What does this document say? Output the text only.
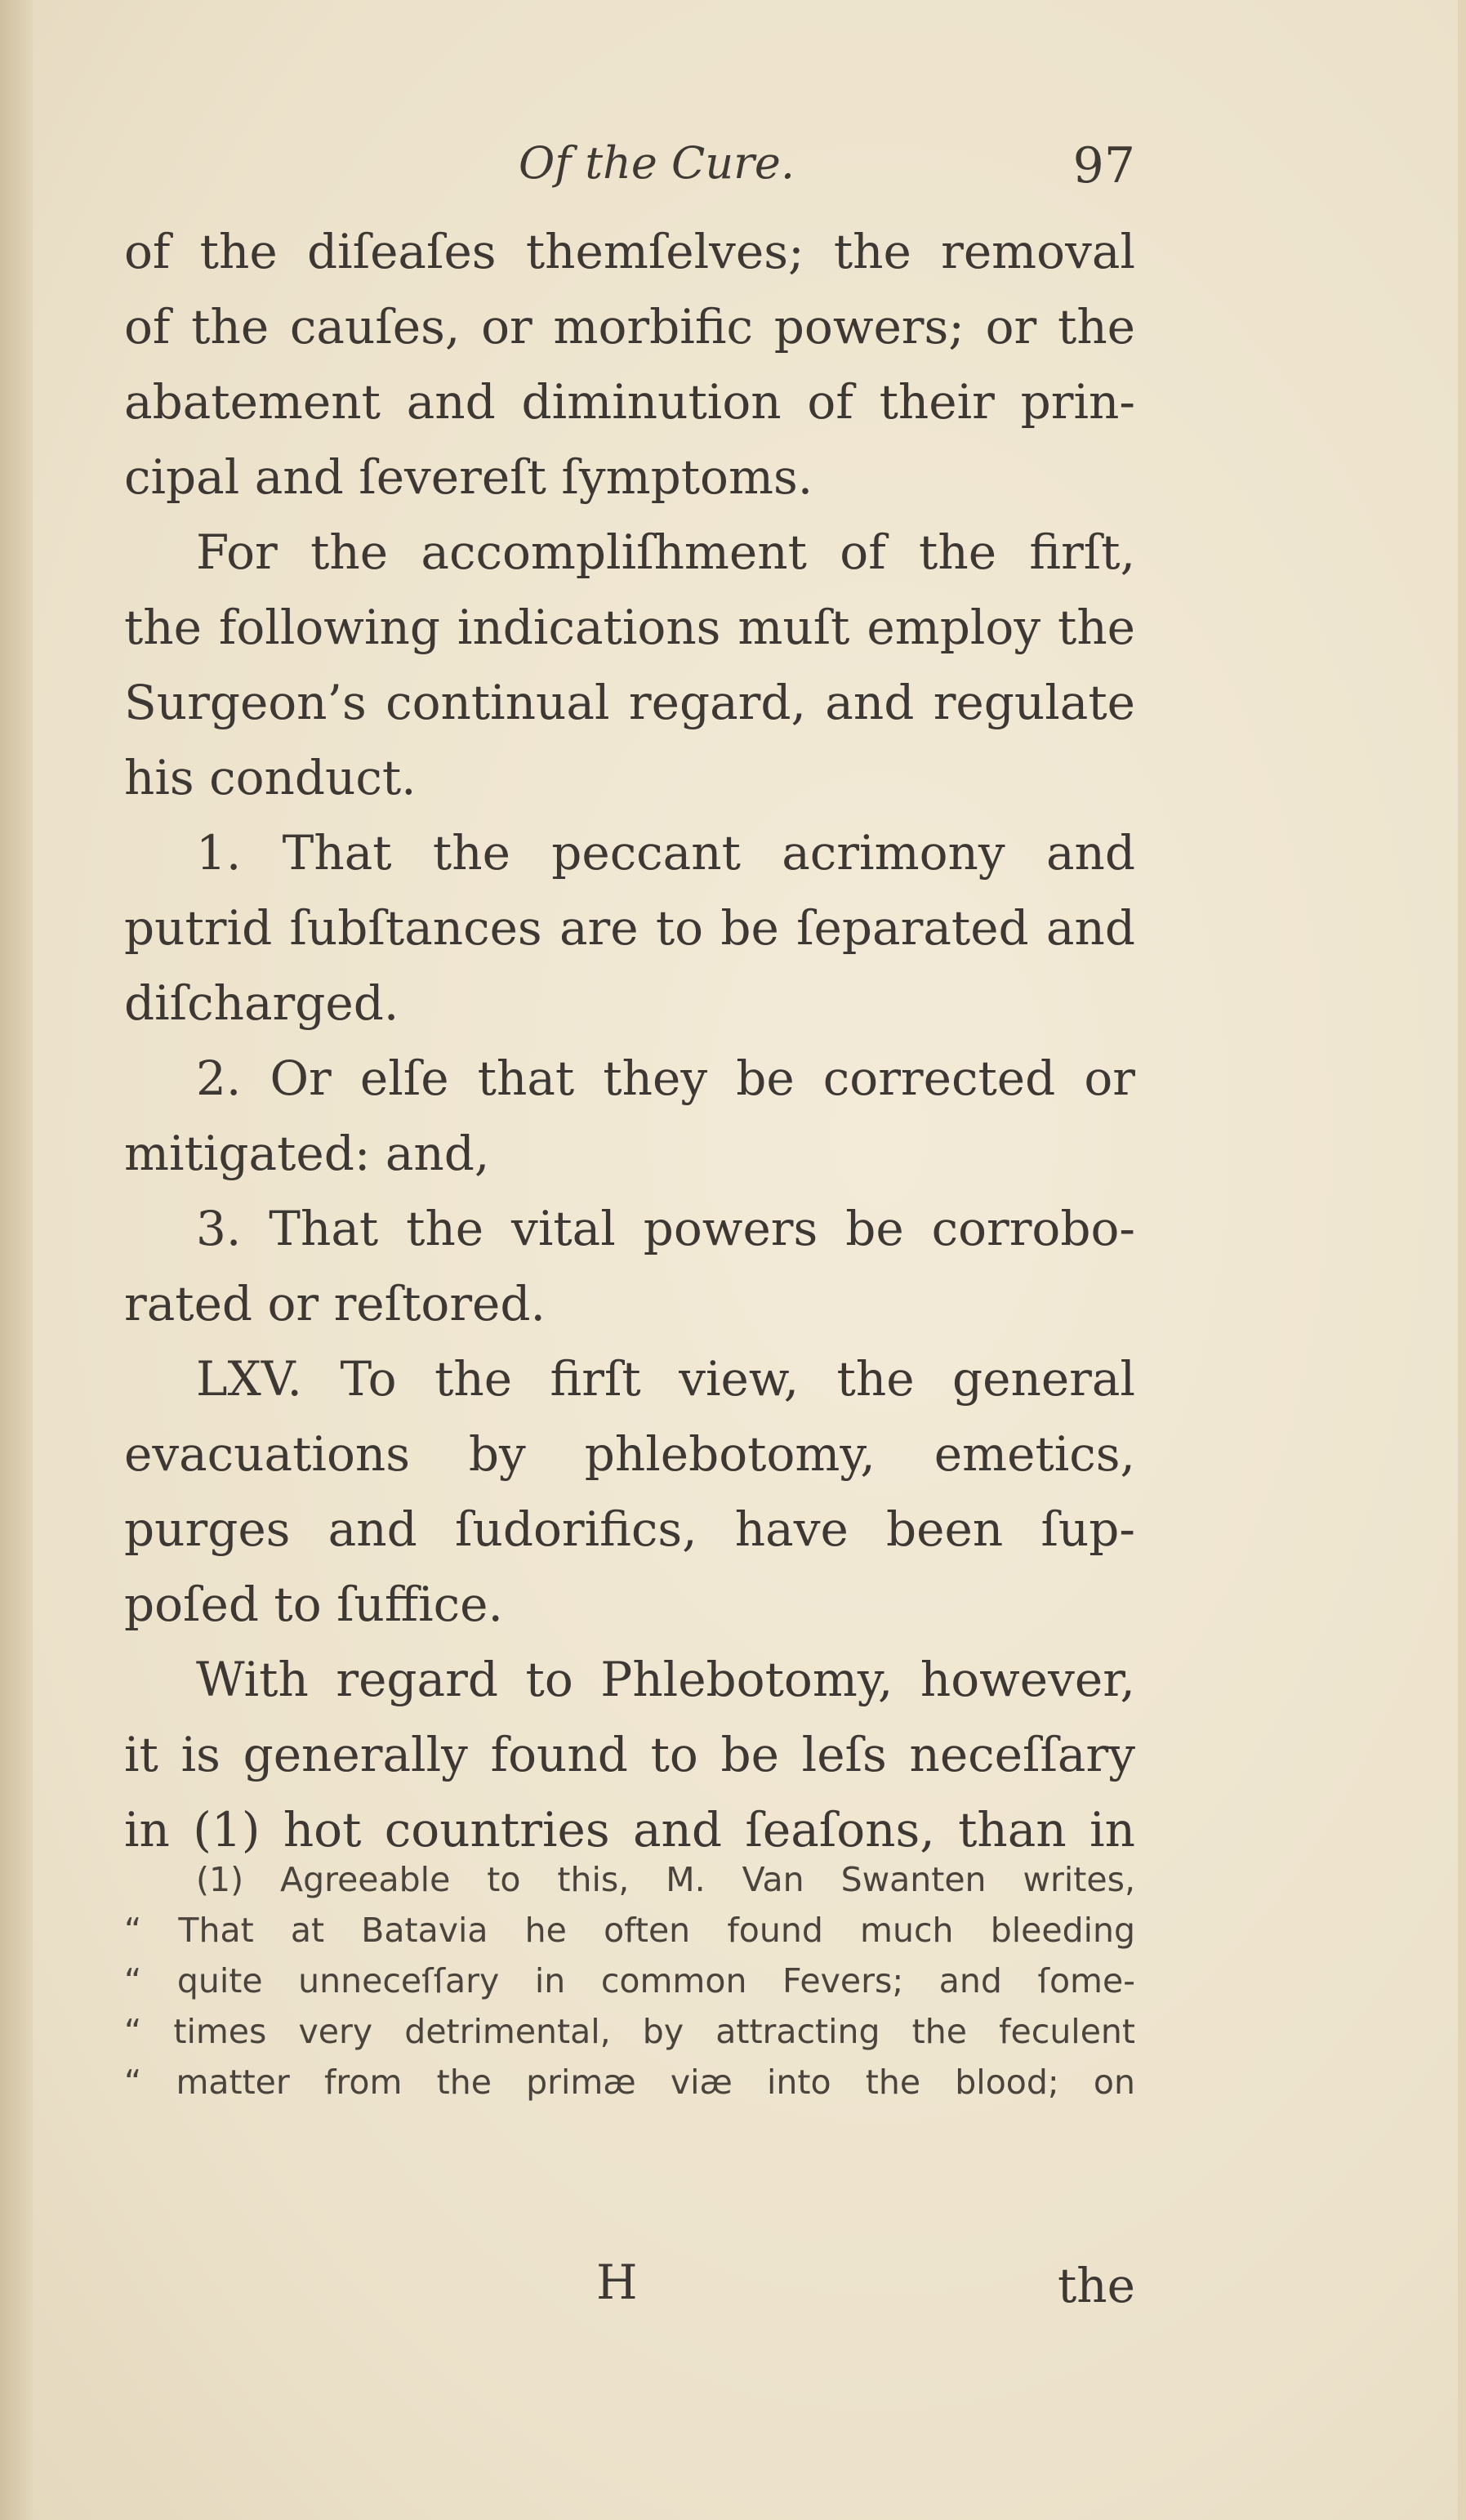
Of the Cure.	97
of the diſeaſes themſelves; the removal
of the cauſes, or morbific powers; or the
abatement and diminution of their prin-
cipal and ſevereſt ſymptoms.
For the accompliſhment of the firſt,
the following indications muſt employ the
Surgeon’s continual regard, and regulate
his conduct.
1. That the peccant acrimony and
putrid ſubſtances are to be ſeparated and
diſcharged.
2. Or elſe that they be corrected or
mitigated: and,
3. That the vital powers be corrobo-
rated or reſtored.
LXV. To the firſt view, the general
evacuations by phlebotomy, emetics,
purges and ſudorifics, have been ſup-
poſed to ſuffice.
With regard to Phlebotomy, however,
it is generally found to be leſs neceſſary
in (1) hot countries and ſeaſons, than in
(1) Agreeable to this, M. Van Swanten writes,
“ That at Batavia he often found much bleeding
“ quite unneceſſary in common Fevers; and ſome-
“ times very detrimental, by attracting the feculent
“ matter from the primæ viæ into the blood; on
H	the
